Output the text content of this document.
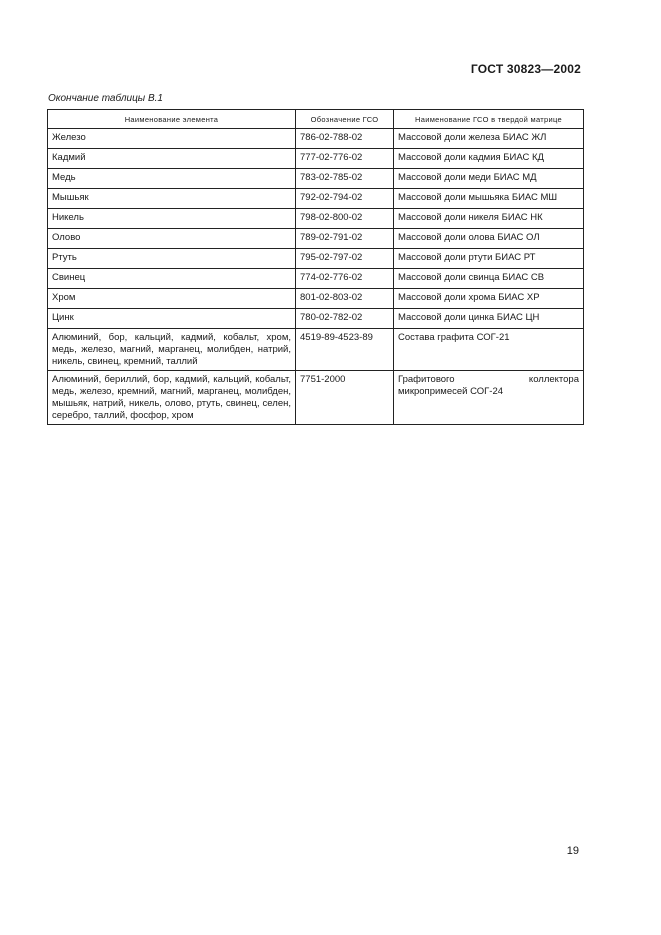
ГОСТ 30823—2002
Окончание таблицы В.1
Наименование элемента	Обозначение ГСО	Наименование ГСО в твердой матрице
Железо	786-02-788-02	Массовой доли железа БИАС ЖЛ
Кадмий	777-02-776-02	Массовой доли кадмия БИАС КД
Медь	783-02-785-02	Массовой доли меди БИАС МД
Мышьяк	792-02-794-02	Массовой доли мышьяка БИАС МШ
Никель	798-02-800-02	Массовой доли никеля БИАС НК
Олово	789-02-791-02	Массовой доли олова БИАС ОЛ
Ртуть	795-02-797-02	Массовой доли ртути БИАС РТ
Свинец	774-02-776-02	Массовой доли свинца БИАС СВ
Хром	801-02-803-02	Массовой доли хрома БИАС ХР
Цинк	780-02-782-02	Массовой доли цинка БИАС ЦН
Алюминий, бор, кальций, кадмий, кобальт, хром, медь, железо, магний, марганец, молибден, натрий, никель, свинец, кремний, таллий	4519-89-4523-89	Состава графита СОГ-21
Алюминий, бериллий, бор, кадмий, кальций, кобальт, медь, железо, кремний, магний, марганец, молибден, мышьяк, натрий, никель, олово, ртуть, свинец, селен, серебро, таллий, фосфор, хром	7751-2000	Графитового коллектора микропримесей СОГ-24
19
